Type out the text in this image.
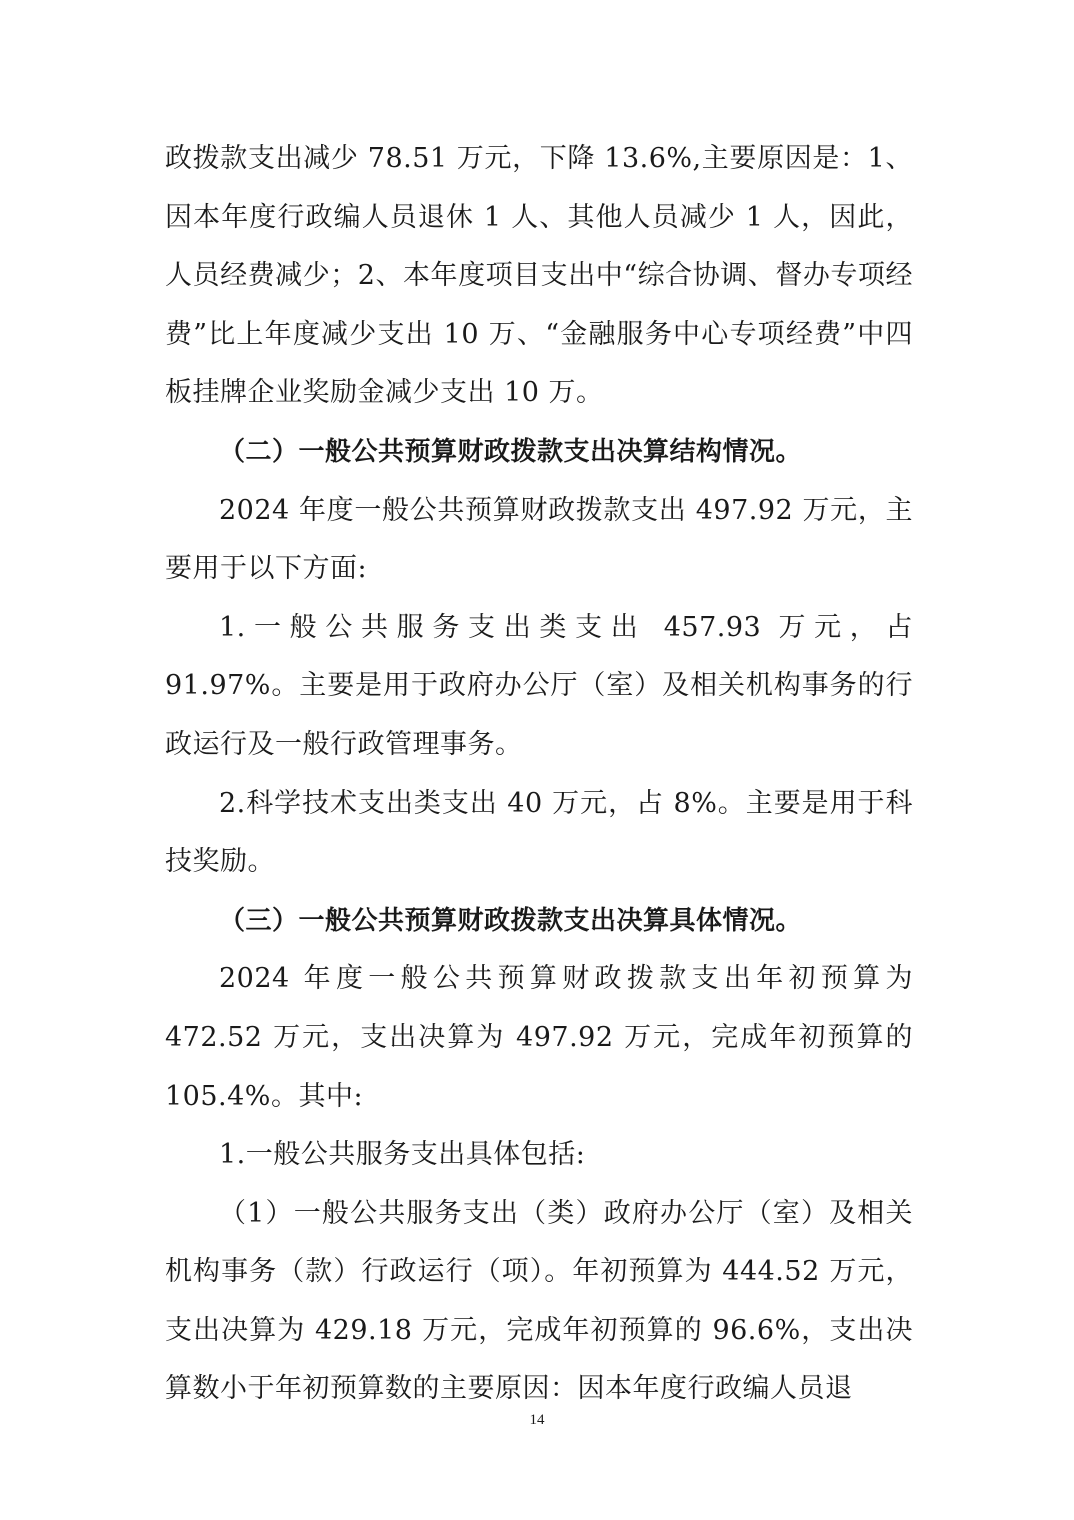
政拨款支出减少 78.51 万元，下降 13.6%,主要原因是：1、因本年度行政编人员退休 1 人、其他人员减少 1 人，因此，人员经费减少；2、本年度项目支出中“综合协调、督办专项经费”比上年度减少支出 10 万、“金融服务中心专项经费”中四板挂牌企业奖励金减少支出 10 万。

（二）一般公共预算财政拨款支出决算结构情况。

2024 年度一般公共预算财政拨款支出 497.92 万元，主要用于以下方面:

1.一般公共服务支出类支出 457.93 万元，占 91.97%。主要是用于政府办公厅（室）及相关机构事务的行政运行及一般行政管理事务。

2.科学技术支出类支出 40 万元，占 8%。主要是用于科技奖励。

（三）一般公共预算财政拨款支出决算具体情况。

2024 年度一般公共预算财政拨款支出年初预算为 472.52 万元，支出决算为 497.92 万元，完成年初预算的 105.4%。其中:

1.一般公共服务支出具体包括:

（1）一般公共服务支出（类）政府办公厅（室）及相关机构事务（款）行政运行（项）。年初预算为 444.52 万元，支出决算为 429.18 万元，完成年初预算的 96.6%，支出决算数小于年初预算数的主要原因：因本年度行政编人员退

14
